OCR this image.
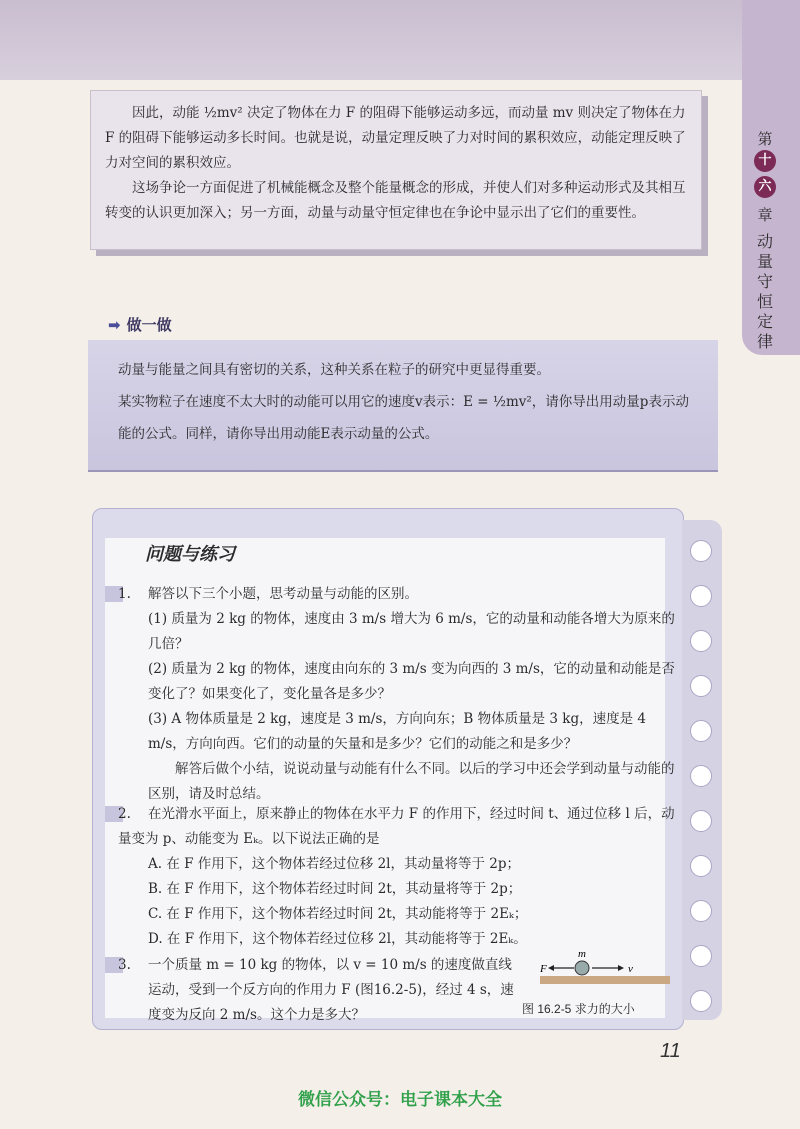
第
十
六
章
动量守恒定律

因此，动能 ½mv² 决定了物体在力 F 的阻碍下能够运动多远，而动量 mv 则决定了物体在力 F 的阻碍下能够运动多长时间。也就是说，动量定理反映了力对时间的累积效应，动能定理反映了力对空间的累积效应。

这场争论一方面促进了机械能概念及整个能量概念的形成，并使人们对多种运动形式及其相互转变的认识更加深入；另一方面，动量与动量守恒定律也在争论中显示出了它们的重要性。

➡ 做一做

动量与能量之间具有密切的关系，这种关系在粒子的研究中更显得重要。

某实物粒子在速度不太大时的动能可以用它的速度v表示：E = ½mv²，请你导出用动量p表示动能的公式。同样，请你导出用动能E表示动量的公式。

问题与练习
1. 解答以下三个小题，思考动量与动能的区别。
(1) 质量为 2 kg 的物体，速度由 3 m/s 增大为 6 m/s，它的动量和动能各增大为原来的几倍？
(2) 质量为 2 kg 的物体，速度由向东的 3 m/s 变为向西的 3 m/s，它的动量和动能是否变化了？如果变化了，变化量各是多少？
(3) A 物体质量是 2 kg，速度是 3 m/s，方向向东；B 物体质量是 3 kg，速度是 4 m/s，方向向西。它们的动量的矢量和是多少？它们的动能之和是多少？
解答后做个小结，说说动量与动能有什么不同。以后的学习中还会学到动量与动能的区别，请及时总结。
2. 在光滑水平面上，原来静止的物体在水平力 F 的作用下，经过时间 t、通过位移 l 后，动量变为 p、动能变为 Eₖ。以下说法正确的是
A. 在 F 作用下，这个物体若经过位移 2l，其动量将等于 2p；
B. 在 F 作用下，这个物体若经过时间 2t，其动量将等于 2p；
C. 在 F 作用下，这个物体若经过时间 2t，其动能将等于 2Eₖ；
D. 在 F 作用下，这个物体若经过位移 2l，其动能将等于 2Eₖ。
3. 一个质量 m = 10 kg 的物体，以 v = 10 m/s 的速度做直线
运动，受到一个反方向的作用力 F (图16.2-5)，经过 4 s，速
度变为反向 2 m/s。这个力是多大？
F
m
v
图 16.2-5 求力的大小
11
微信公众号：电子课本大全
